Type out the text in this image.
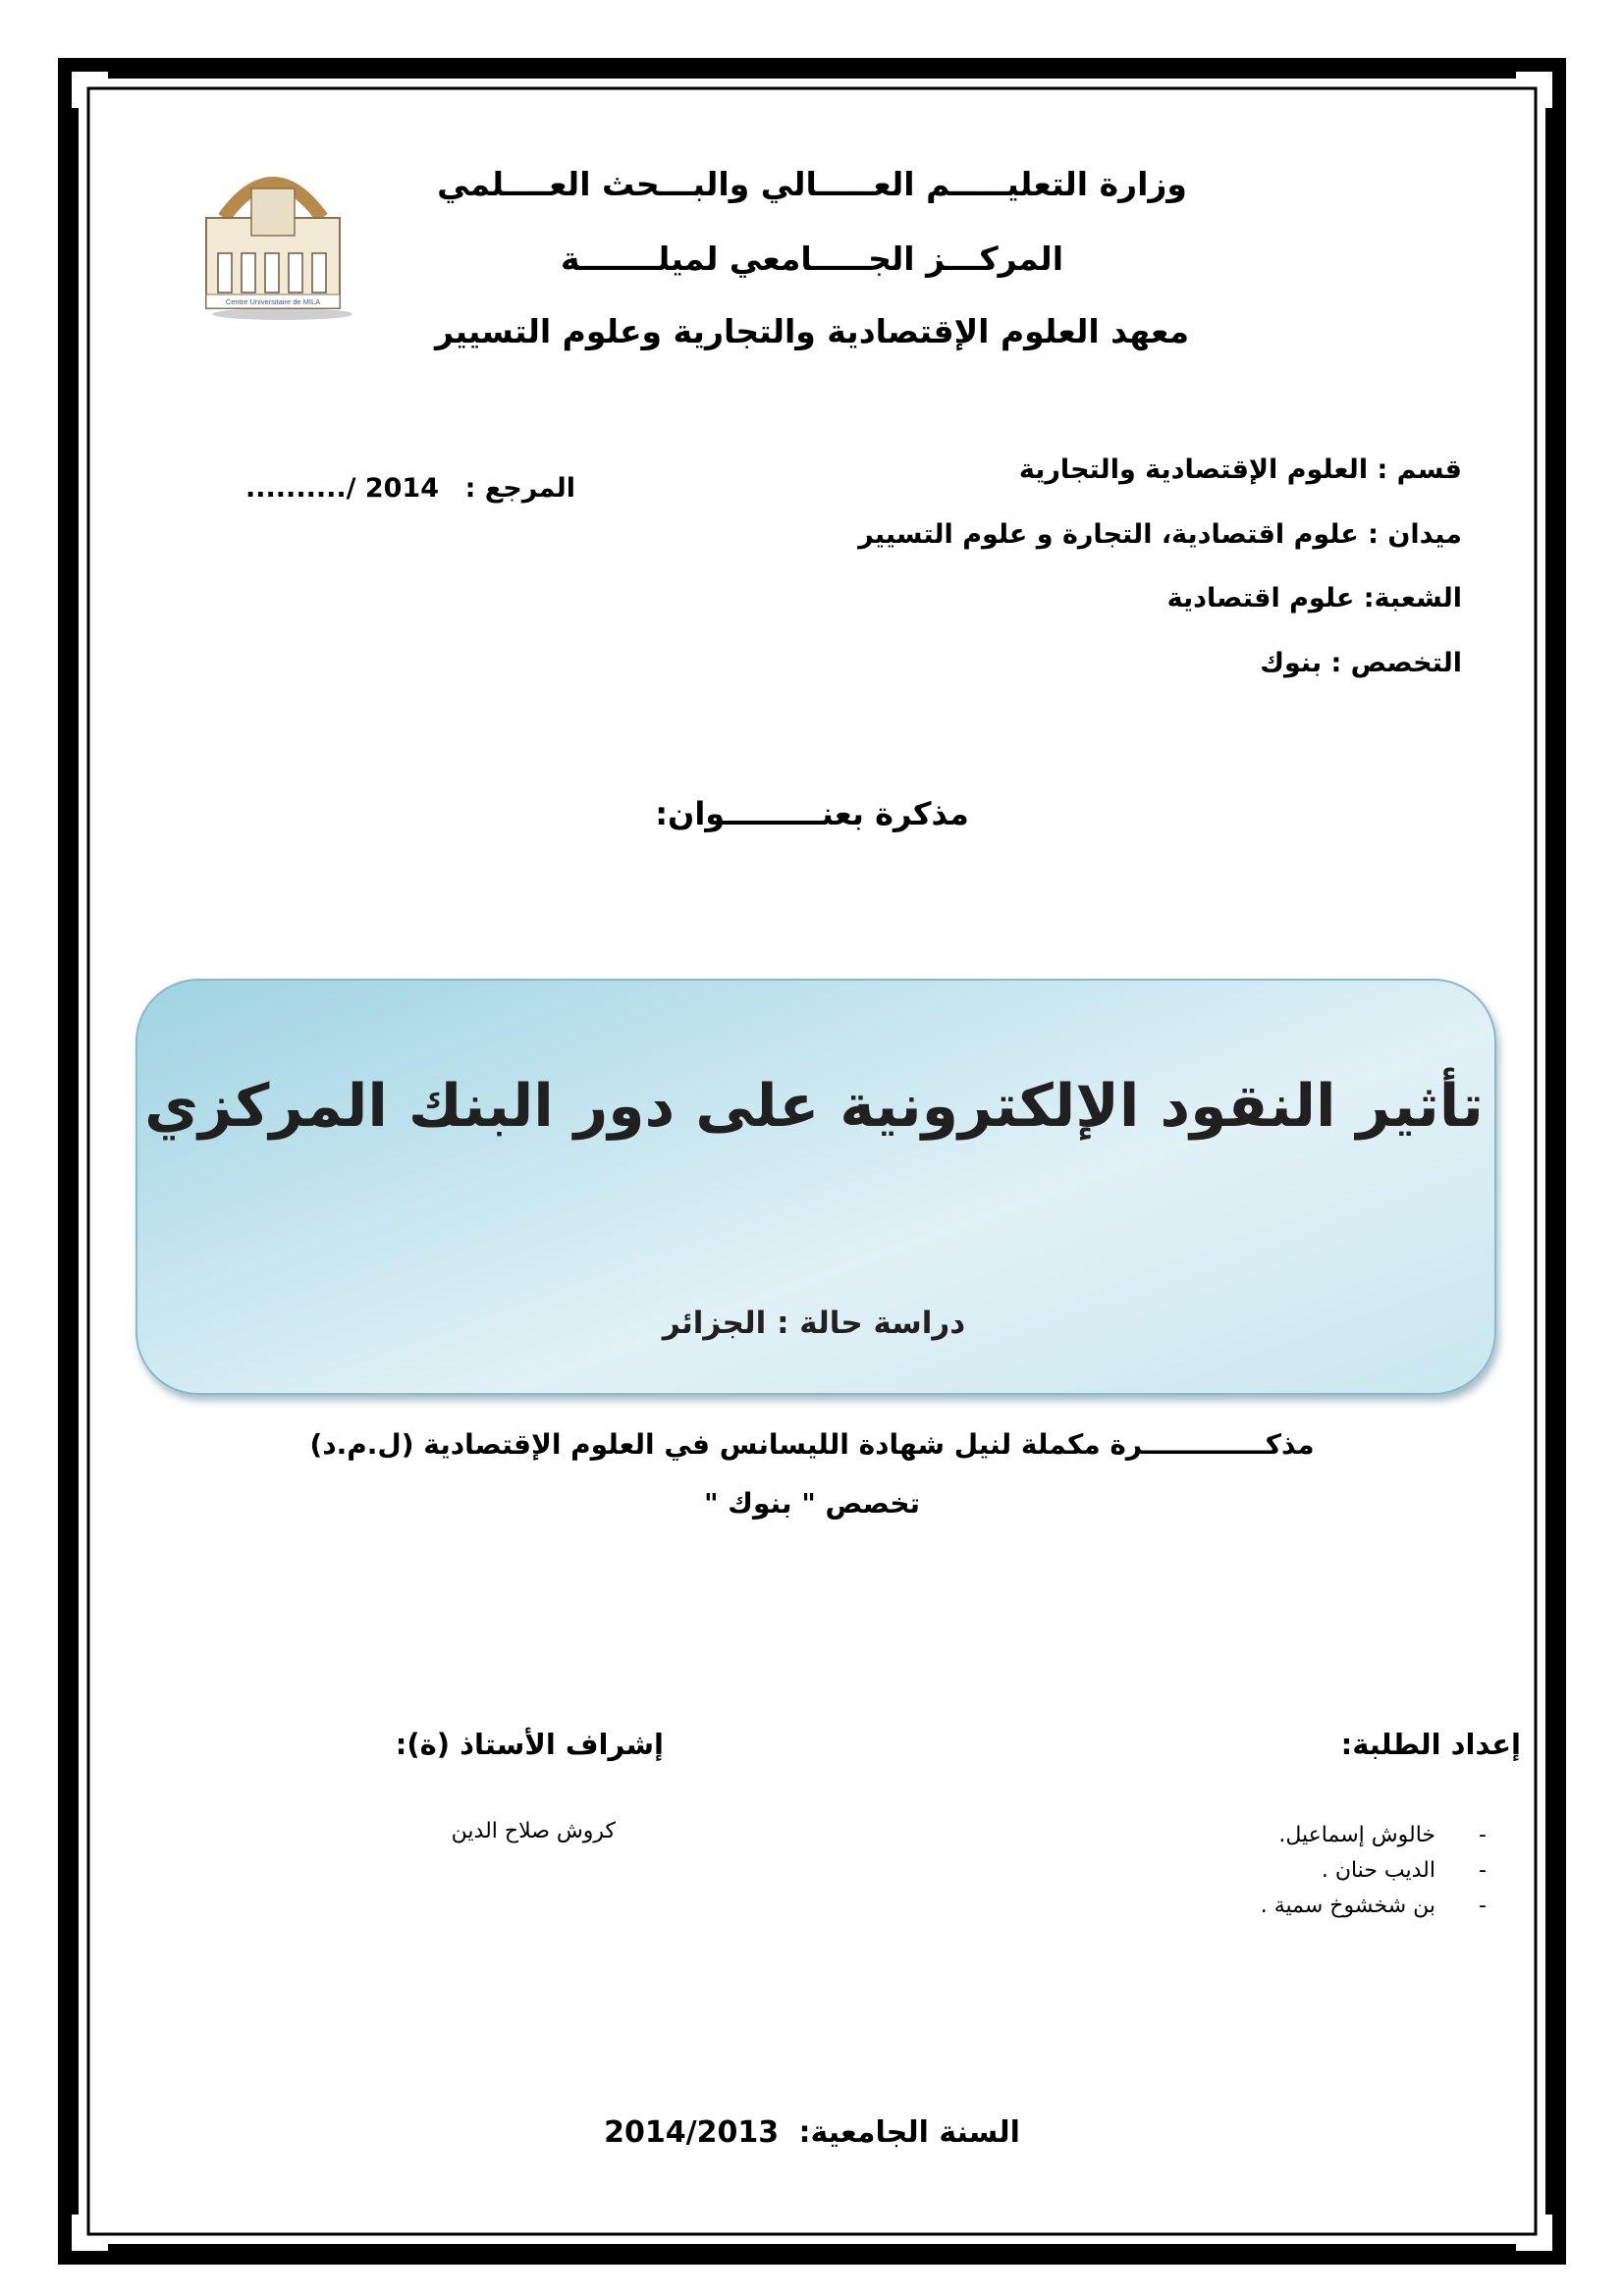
Centre Universitaire de MILA
وزارة التعليـــــم العـــــالي والبـــحث العــــلمي
المركـــز الجـــــامعي لميلـــــــة
معهد العلوم الإقتصادية والتجارية وعلوم التسيير
قسم : العلوم الإقتصادية والتجارية
ميدان : علوم اقتصادية، التجارة و علوم التسيير
الشعبة: علوم اقتصادية
التخصص : بنوك
المرجع : ........../ 2014
مذكرة بعنـــــــــوان:
تأثير النقود الإلكترونية على دور البنك المركزي
دراسة حالة : الجزائر
مذكـــــــــــــرة مكملة لنيل شهادة الليسانس في العلوم الإقتصادية (ل.م.د)
تخصص " بنوك "
إعداد الطلبة:
إشراف الأستاذ (ة):
كروش صلاح الدين
-	خالوش إسماعيل.
- الديب حنان .
- بن شخشوخ سمية .
السنة الجامعية: 2014/2013
